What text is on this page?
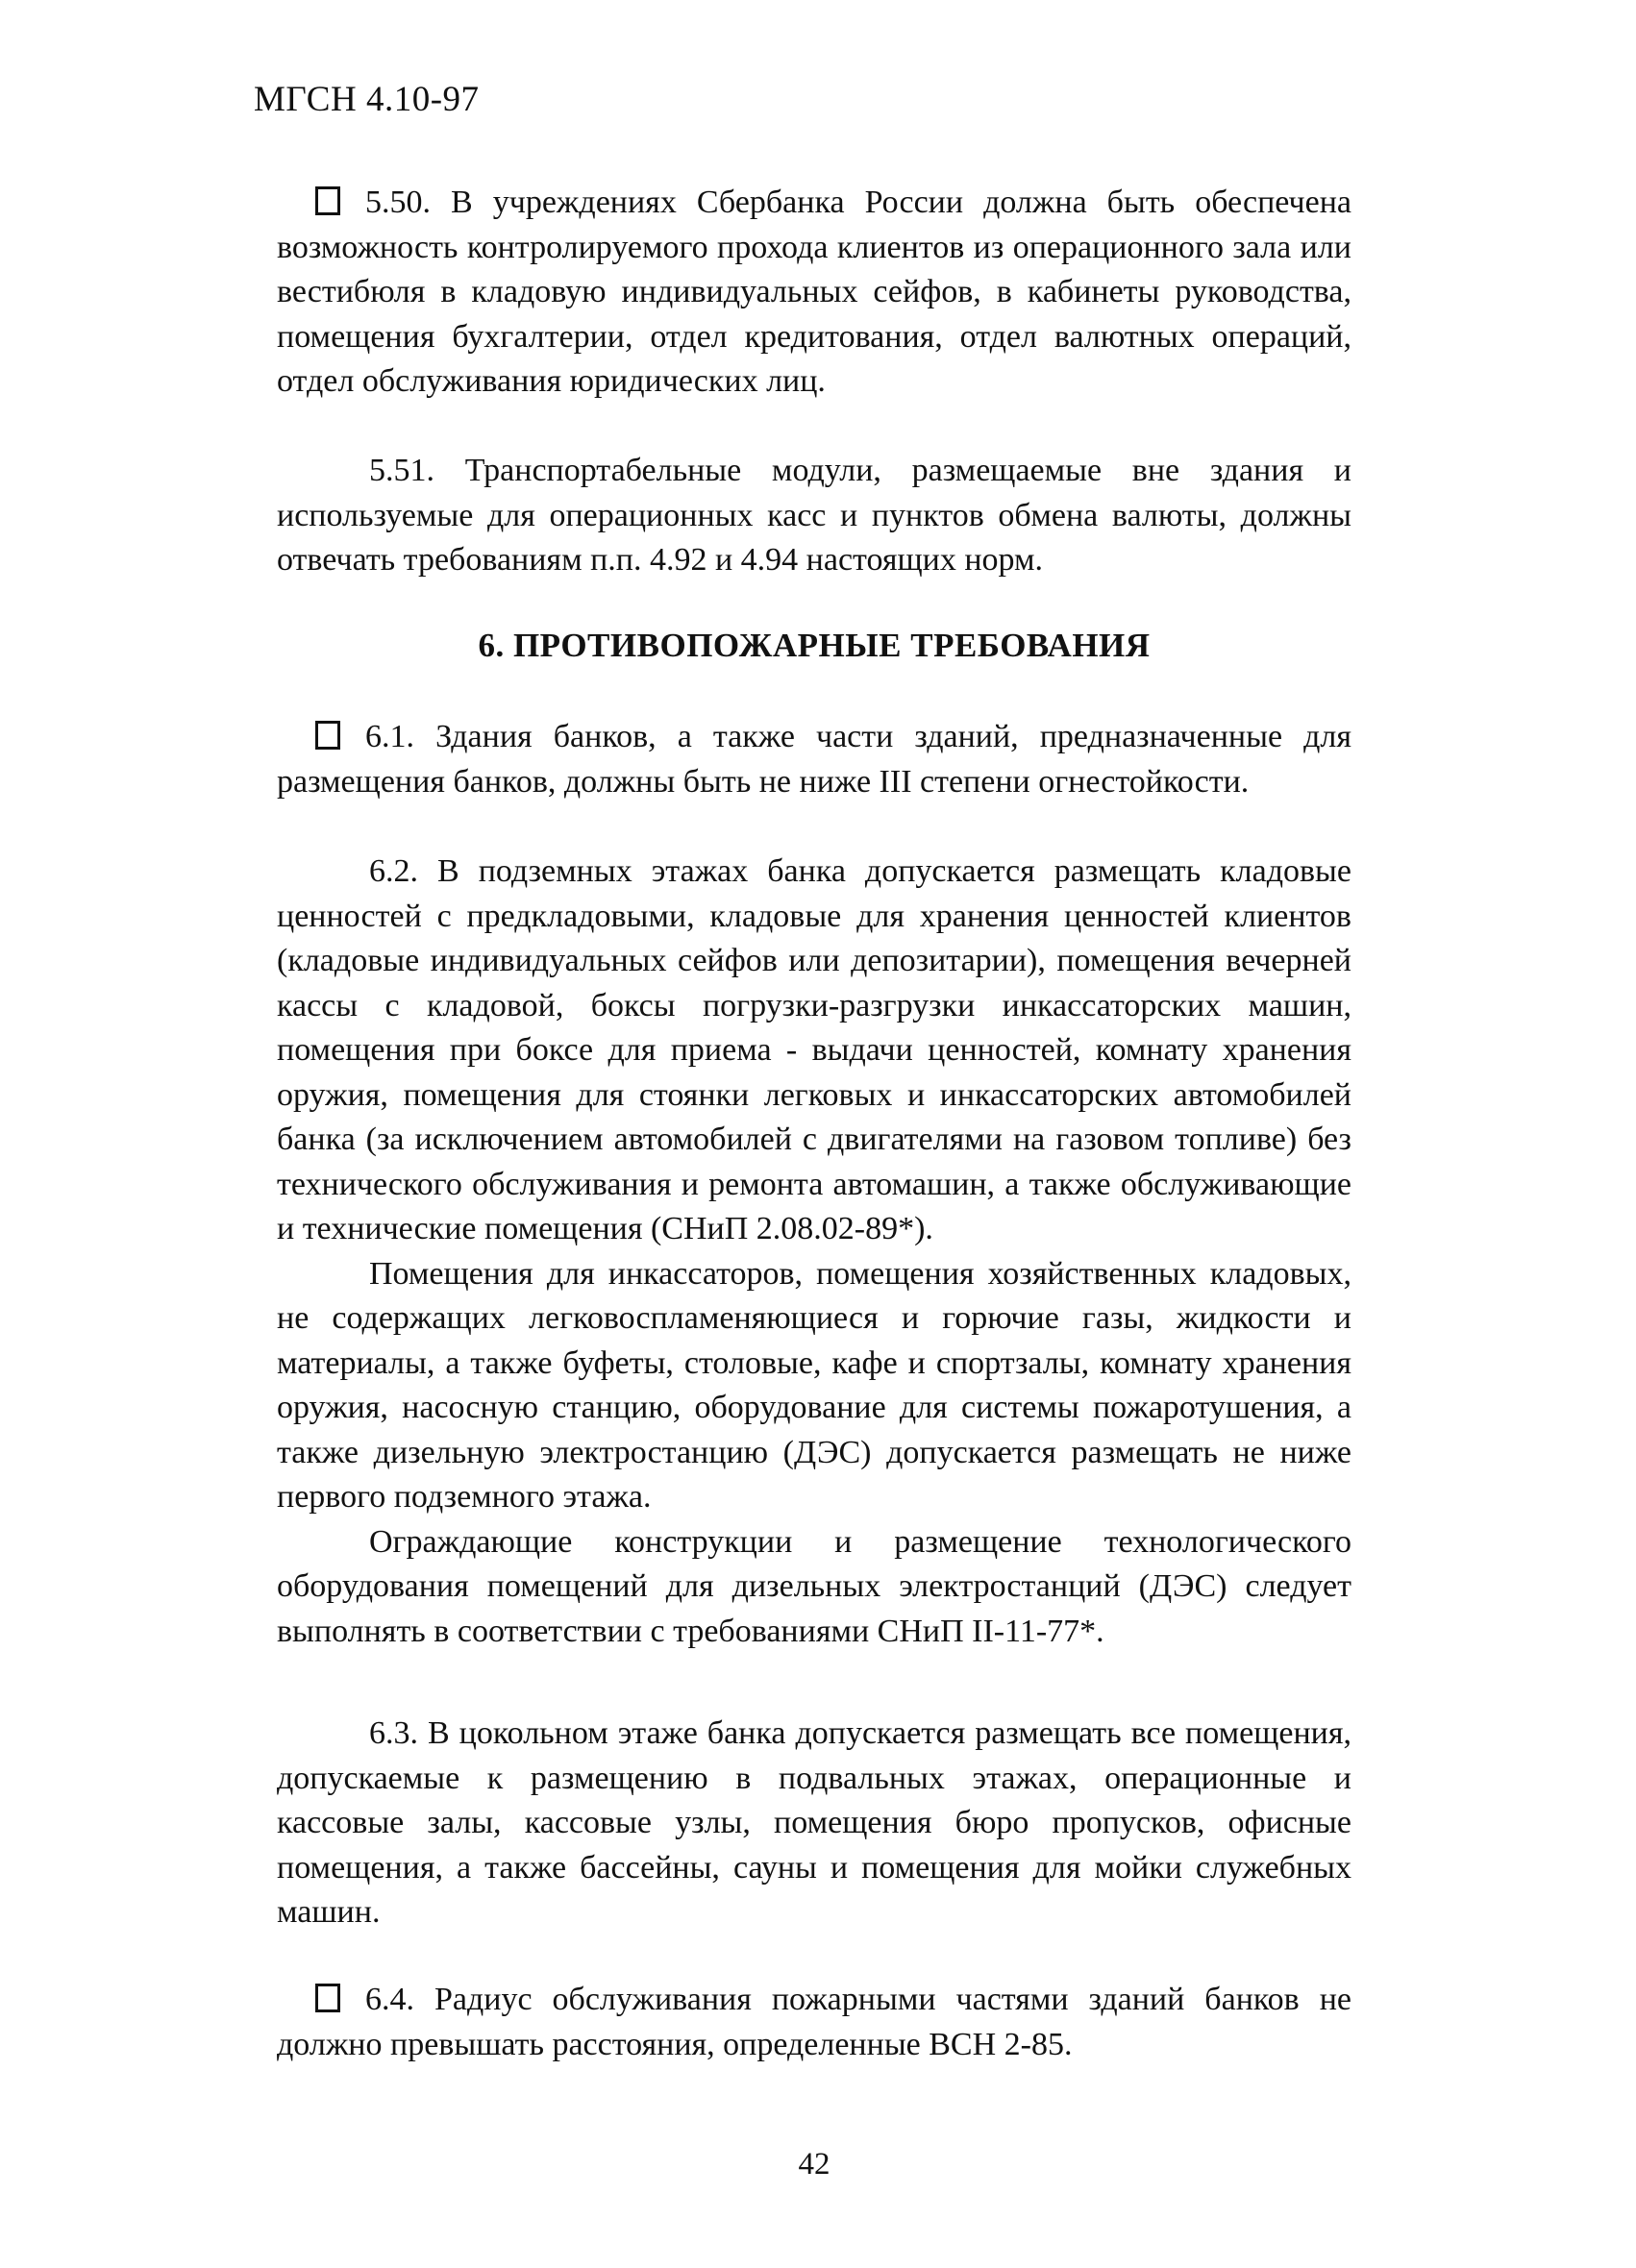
МГСН 4.10-97

5.50. В учреждениях Сбербанка России должна быть обеспечена возможность контролируемого прохода клиентов из операционного зала или вестибюля в кладовую индивидуальных сейфов, в кабинеты руководства, помещения бухгалтерии, отдел кредитования, отдел валютных операций, отдел обслуживания юридических лиц.

5.51. Транспортабельные модули, размещаемые вне здания и используемые для операционных касс и пунктов обмена валюты, должны отвечать требованиям п.п. 4.92 и 4.94 настоящих норм.

6. ПРОТИВОПОЖАРНЫЕ ТРЕБОВАНИЯ

6.1. Здания банков, а также части зданий, предназначенные для размещения банков, должны быть не ниже III степени огнестойкости.

6.2. В подземных этажах банка допускается размещать кладовые ценностей с предкладовыми, кладовые для хранения ценностей клиентов (кладовые индивидуальных сейфов или депозитарии), помещения вечерней кассы с кладовой, боксы погрузки-разгрузки инкассаторских машин, помещения при боксе для приема - выдачи ценностей, комнату хранения оружия, помещения для стоянки легковых и инкассаторских автомобилей банка (за исключением автомобилей с двигателями на газовом топливе) без технического обслуживания и ремонта автомашин, а также обслуживающие и технические помещения (СНиП 2.08.02-89*).

Помещения для инкассаторов, помещения хозяйственных кладовых, не содержащих легковоспламеняющиеся и горючие газы, жидкости и материалы, а также буфеты, столовые, кафе и спортзалы, комнату хранения оружия, насосную станцию, оборудование для системы пожаротушения, а также дизельную электростанцию (ДЭС) допускается размещать не ниже первого подземного этажа.

Ограждающие конструкции и размещение технологического оборудования помещений для дизельных электростанций (ДЭС) следует выполнять в соответствии с требованиями СНиП II-11-77*.

6.3. В цокольном этаже банка допускается размещать все помещения, допускаемые к размещению в подвальных этажах, операционные и кассовые залы, кассовые узлы, помещения бюро пропусков, офисные помещения, а также бассейны, сауны и помещения для мойки служебных машин.

6.4. Радиус обслуживания пожарными частями зданий банков не должно превышать расстояния, определенные ВСН 2-85.

42
